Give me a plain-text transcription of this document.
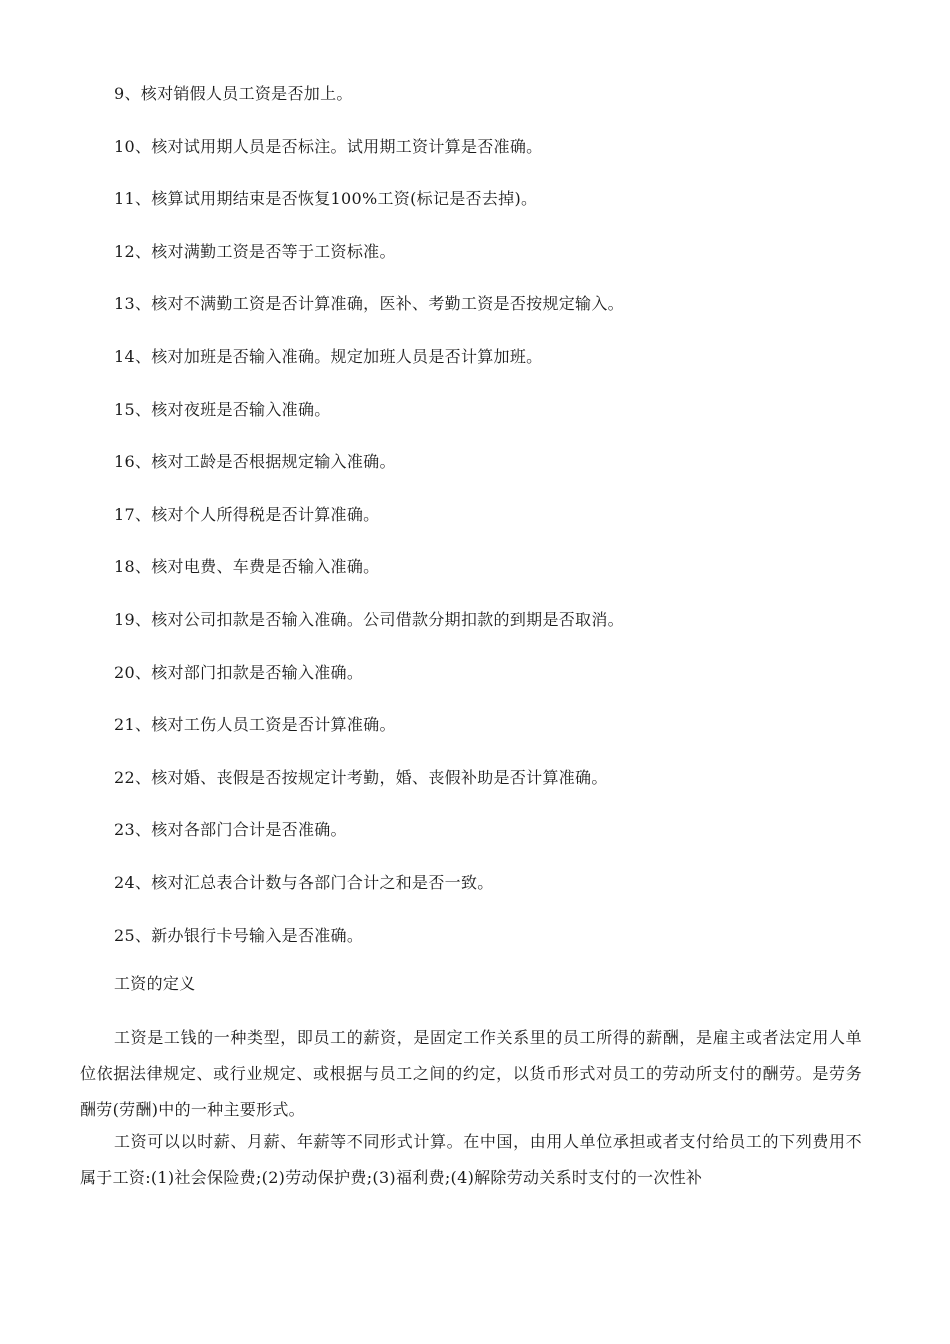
9、核对销假人员工资是否加上。
10、核对试用期人员是否标注。试用期工资计算是否准确。
11、核算试用期结束是否恢复100%工资(标记是否去掉)。
12、核对满勤工资是否等于工资标准。
13、核对不满勤工资是否计算准确，医补、考勤工资是否按规定输入。
14、核对加班是否输入准确。规定加班人员是否计算加班。
15、核对夜班是否输入准确。
16、核对工龄是否根据规定输入准确。
17、核对个人所得税是否计算准确。
18、核对电费、车费是否输入准确。
19、核对公司扣款是否输入准确。公司借款分期扣款的到期是否取消。
20、核对部门扣款是否输入准确。
21、核对工伤人员工资是否计算准确。
22、核对婚、丧假是否按规定计考勤，婚、丧假补助是否计算准确。
23、核对各部门合计是否准确。
24、核对汇总表合计数与各部门合计之和是否一致。
25、新办银行卡号输入是否准确。
工资的定义

工资是工钱的一种类型，即员工的薪资，是固定工作关系里的员工所得的薪酬，是雇主或者法定用人单位依据法律规定、或行业规定、或根据与员工之间的约定，以货币形式对员工的劳动所支付的酬劳。是劳务酬劳(劳酬)中的一种主要形式。

工资可以以时薪、月薪、年薪等不同形式计算。在中国，由用人单位承担或者支付给员工的下列费用不属于工资:(1)社会保险费;(2)劳动保护费;(3)福利费;(4)解除劳动关系时支付的一次性补
